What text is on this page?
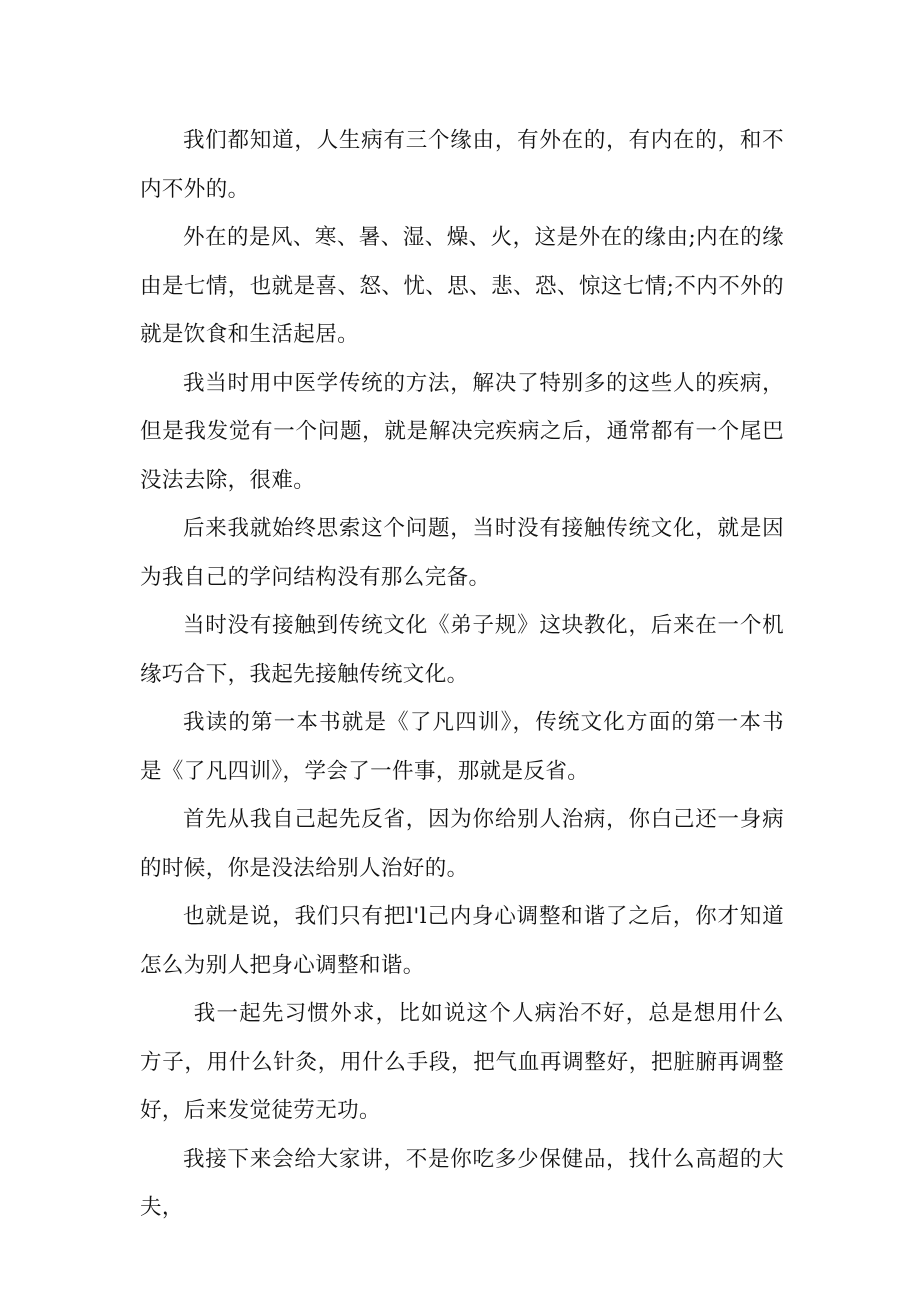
我们都知道，人生病有三个缘由，有外在的，有内在的，和不内不外的。

外在的是风、寒、暑、湿、燥、火，这是外在的缘由;内在的缘由是七情，也就是喜、怒、忧、思、悲、恐、惊这七情;不内不外的就是饮食和生活起居。

我当时用中医学传统的方法，解决了特别多的这些人的疾病，但是我发觉有一个问题，就是解决完疾病之后，通常都有一个尾巴没法去除，很难。

后来我就始终思索这个问题，当时没有接触传统文化，就是因为我自己的学问结构没有那么完备。

当时没有接触到传统文化《弟子规》这块教化，后来在一个机缘巧合下，我起先接触传统文化。

我读的第一本书就是《了凡四训》，传统文化方面的第一本书是《了凡四训》，学会了一件事，那就是反省。

首先从我自己起先反省，因为你给别人治病，你白己还一身病的时候，你是没法给别人治好的。

也就是说，我们只有把l'l己内身心调整和谐了之后，你才知道怎么为别人把身心调整和谐。

我一起先习惯外求，比如说这个人病治不好，总是想用什么方子，用什么针灸，用什么手段，把气血再调整好，把脏腑再调整好，后来发觉徒劳无功。

我接下来会给大家讲，不是你吃多少保健品，找什么高超的大夫，
